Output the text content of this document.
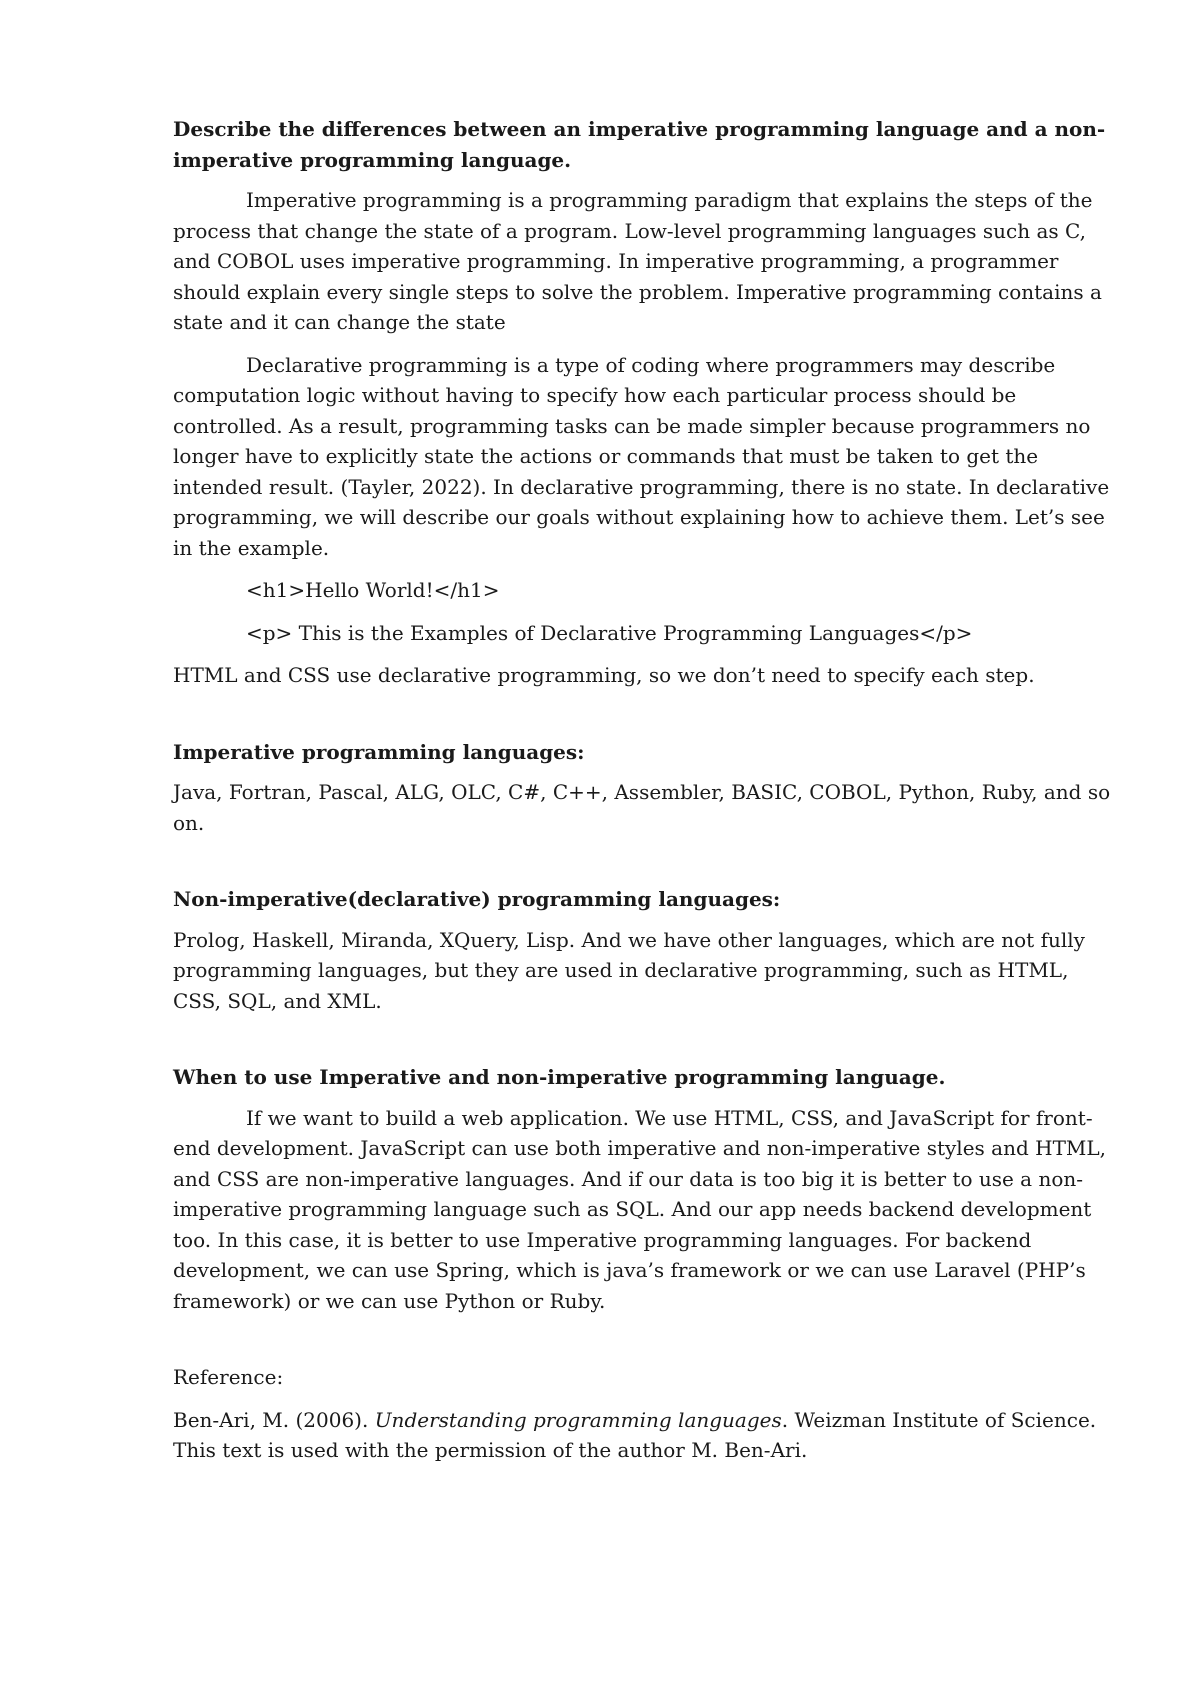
Describe the differences between an imperative programming language and a non-imperative programming language.

Imperative programming is a programming paradigm that explains the steps of the process that change the state of a program. Low-level programming languages such as C, and COBOL uses imperative programming. In imperative programming, a programmer should explain every single steps to solve the problem. Imperative programming contains a state and it can change the state

Declarative programming is a type of coding where programmers may describe computation logic without having to specify how each particular process should be controlled. As a result, programming tasks can be made simpler because programmers no longer have to explicitly state the actions or commands that must be taken to get the intended result. (Tayler, 2022). In declarative programming, there is no state. In declarative programming, we will describe our goals without explaining how to achieve them. Let’s see in the example.

<h1>Hello World!</h1>

<p> This is the Examples of Declarative Programming Languages</p>

HTML and CSS use declarative programming, so we don’t need to specify each step.

Imperative programming languages:

Java, Fortran, Pascal, ALG, OLC, C#, C++, Assembler, BASIC, COBOL, Python, Ruby, and so on.

Non-imperative(declarative) programming languages:

Prolog, Haskell, Miranda, XQuery, Lisp. And we have other languages, which are not fully programming languages, but they are used in declarative programming, such as HTML, CSS, SQL, and XML.

When to use Imperative and non-imperative programming language.

If we want to build a web application. We use HTML, CSS, and JavaScript for front-end development. JavaScript can use both imperative and non-imperative styles and HTML, and CSS are non-imperative languages. And if our data is too big it is better to use a non-imperative programming language such as SQL. And our app needs backend development too. In this case, it is better to use Imperative programming languages. For backend development, we can use Spring, which is java’s framework or we can use Laravel (PHP’s framework) or we can use Python or Ruby.

Reference:

Ben-Ari, M. (2006). Understanding programming languages. Weizman Institute of Science. This text is used with the permission of the author M. Ben-Ari.
